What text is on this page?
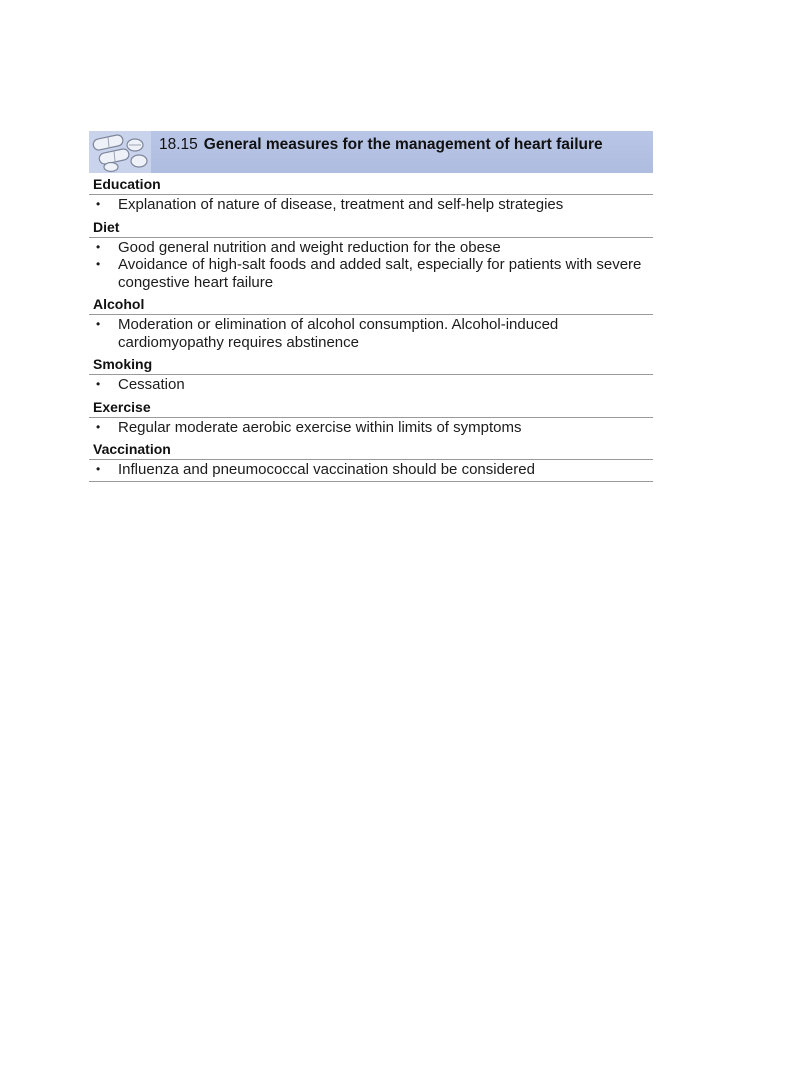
18.15 General measures for the management of heart failure
Education
• Explanation of nature of disease, treatment and self-help strategies
Diet
• Good general nutrition and weight reduction for the obese
• Avoidance of high-salt foods and added salt, especially for patients with severe congestive heart failure
Alcohol
• Moderation or elimination of alcohol consumption. Alcohol-induced cardiomyopathy requires abstinence
Smoking
• Cessation
Exercise
• Regular moderate aerobic exercise within limits of symptoms
Vaccination
• Influenza and pneumococcal vaccination should be considered
